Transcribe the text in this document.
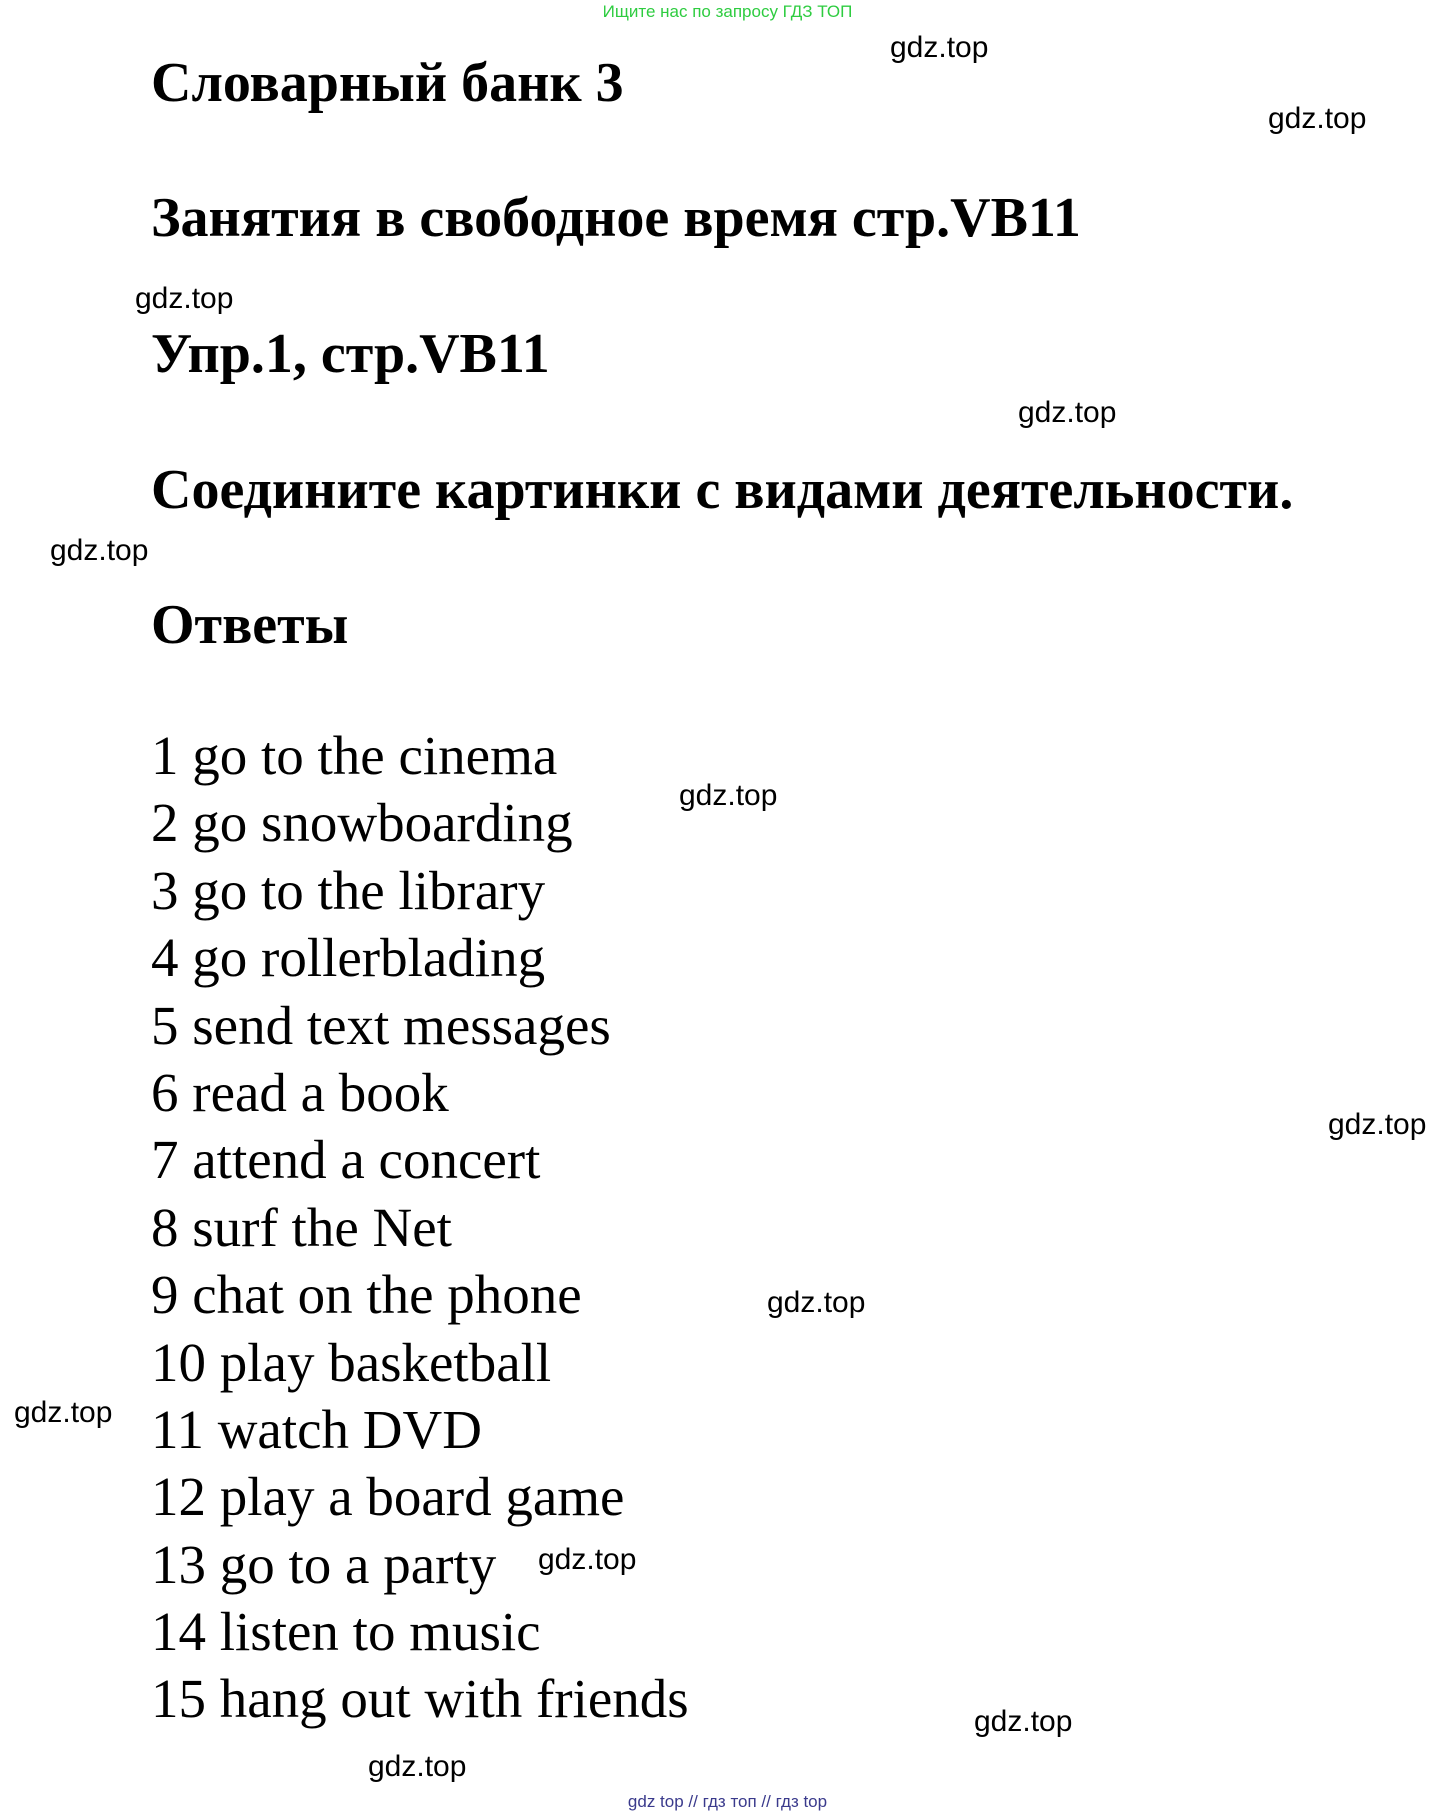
Ищите нас по запросу ГДЗ ТОП
Словарный банк 3
Занятия в свободное время стр.VB11
Упр.1, стр.VB11
Соедините картинки с видами деятельности.
Ответы
1 go to the cinema
2 go snowboarding
3 go to the library
4 go rollerblading
5 send text messages
6 read a book
7 attend a concert
8 surf the Net
9 chat on the phone
10 play basketball
11 watch DVD
12 play a board game
13 go to a party
14 listen to music
15 hang out with friends
gdz.top
gdz.top
gdz.top
gdz.top
gdz.top
gdz.top
gdz.top
gdz.top
gdz.top
gdz.top
gdz.top
gdz.top
gdz top // гдз топ // гдз top
